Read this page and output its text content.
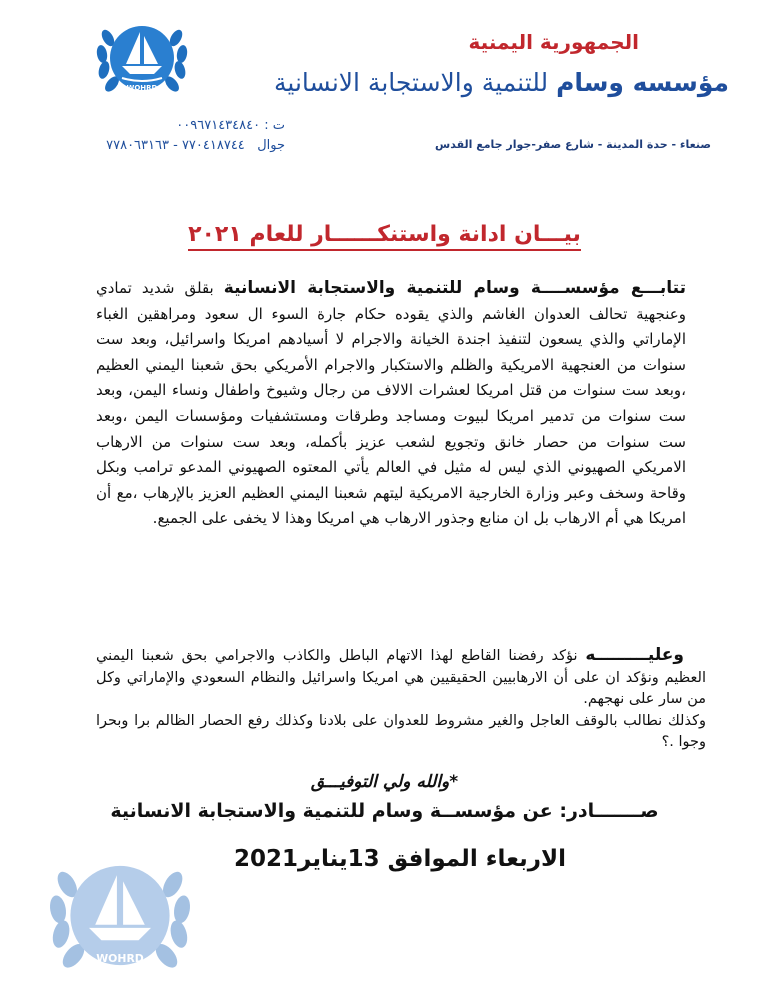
WOHRD
الجمهورية اليمنية
مؤسسه وسام للتنمية والاستجابة الانسانية
صنعاء - حدة المدينة - شارع صفر-جوار جامع القدس
ت : ٠٠٩٦٧١٤٣٤٨٤٠
جوال   ٧٧٠٤١٨٧٤٤ - ٧٧٨٠٦٣١٦٣
بيـــان ادانة واستنكــــــار للعام ٢٠٢١
تتابـــع مؤسســــة وسام للتنمية والاستجابة الانسانية بقلق شديد تمادي وعنجهية تحالف العدوان الغاشم والذي يقوده حكام جارة السوء ال سعود ومراهقين الغباء الإماراتي والذي يسعون لتنفيذ اجندة الخيانة والاجرام لا أسيادهم امريكا واسرائيل، وبعد ست سنوات من العنجهية الامريكية والظلم والاستكبار والاجرام الأمريكي بحق شعبنا اليمني العظيم ،وبعد ست سنوات من قتل امريكا لعشرات الالاف من رجال وشيوخ واطفال ونساء اليمن، وبعد ست سنوات من تدمير امريكا لبيوت ومساجد وطرقات ومستشفيات ومؤسسات اليمن ،وبعد ست سنوات من حصار خانق وتجويع لشعب عزيز بأكمله، وبعد ست سنوات من الارهاب الامريكي الصهيوني الذي ليس له مثيل في العالم يأتي المعتوه الصهيوني المدعو ترامب وبكل وقاحة وسخف وعبر وزارة الخارجية الامريكية ليتهم شعبنا اليمني العظيم العزيز بالإرهاب ،مع أن امريكا هي أم الارهاب بل ان منابع وجذور الارهاب هي امريكا وهذا لا يخفى على الجميع.
وعليـــــــــه نؤكد رفضنا القاطع لهذا الاتهام الباطل والكاذب والاجرامي بحق شعبنا اليمني العظيم ونؤكد ان على أن الارهابيين الحقيقيين هي امريكا واسرائيل والنظام السعودي والإماراتي وكل من سار على نهجهم.
وكذلك نطالب بالوقف العاجل والغير مشروط للعدوان على بلادنا وكذلك رفع الحصار الظالم برا وبحرا وجوا .؟
*والله ولي التوفيـــق
صـــــــادر: عن مؤسســة وسام للتنمية والاستجابة الانسانية
الاربعاء الموافق 13يناير2021
WOHRD
